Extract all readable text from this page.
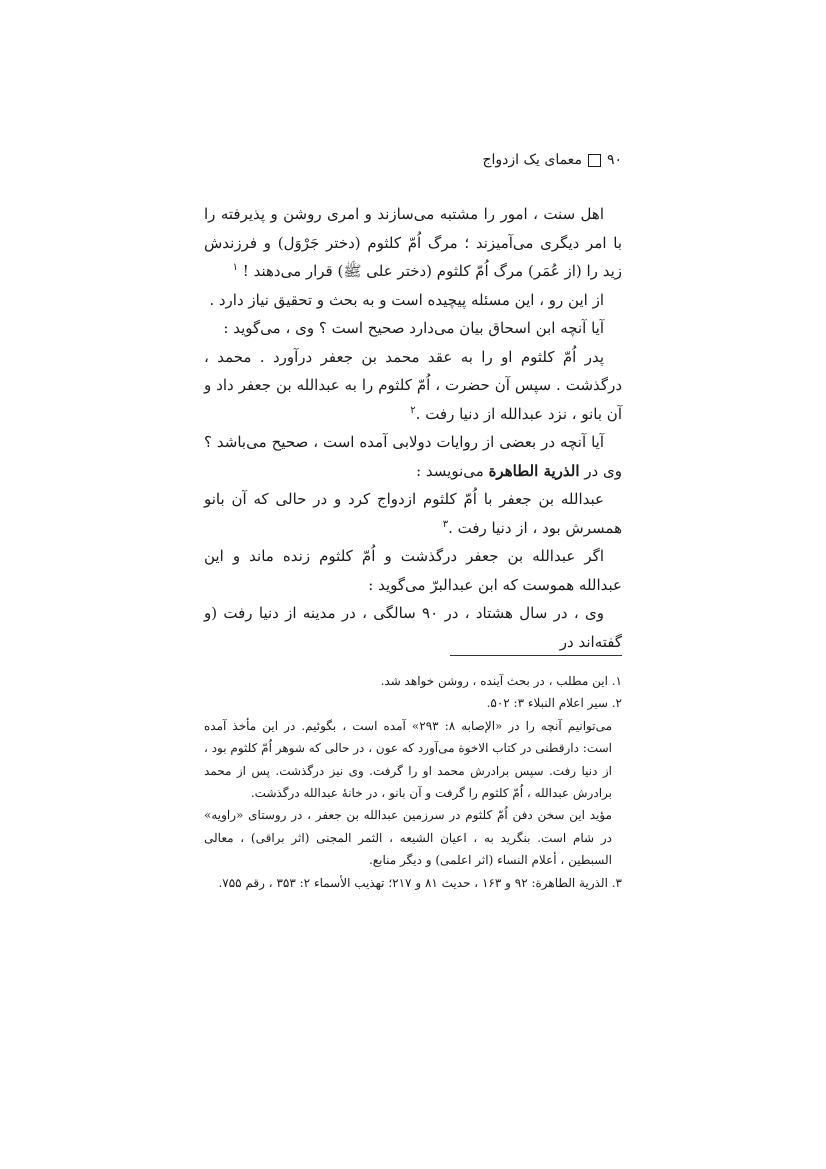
۹۰
معمای یک ازدواج

اهل سنت ، امور را مشتبه می‌سازند و امری روشن و پذیرفته را با امر دیگری می‌آمیزند ؛ مرگ اُمّ کلثوم (دختر جَرْوَل) و فرزندش زید را (از عُمَر) مرگ اُمّ کلثوم (دختر علی ﷺ) قرار می‌دهند ! $^۱$

از این رو ، این مسئله پیچیده است و به بحث و تحقیق نیاز دارد .

آیا آنچه ابن اسحاق بیان می‌دارد صحیح است ؟ وی ، می‌گوید :

پدر اُمّ کلثوم او را به عقد محمد بن جعفر درآورد . محمد ، درگذشت . سپس آن حضرت ، اُمّ کلثوم را به عبدالله بن جعفر داد و آن بانو ، نزد عبدالله از دنیا رفت .$^۲$

آیا آنچه در بعضی از روایات دولابی آمده است ، صحیح می‌باشد ؟ وی در الذریة الطاهرة می‌نویسد :

عبدالله بن جعفر با اُمّ کلثوم ازدواج کرد و در حالی که آن بانو همسرش بود ، از دنیا رفت .$^۳$

اگر عبدالله بن جعفر درگذشت و اُمّ کلثوم زنده ماند و این عبدالله هموست که ابن عبدالبرّ می‌گوید :

وی ، در سال هشتاد ، در ۹۰ سالگی ، در مدینه از دنیا رفت (و گفته‌اند در

۱. این مطلب ، در بحث آینده ، روشن خواهد شد.

۲. سیر اعلام النبلاء ۳: ۵۰۲.

می‌توانیم آنچه را در «الإصابه ۸: ۲۹۳» آمده است ، بگوئیم. در این مأخذ آمده است: دارقطنی در کتاب الاخوة می‌آورد که عون ، در حالی که شوهر اُمّ کلثوم بود ، از دنیا رفت. سپس برادرش محمد او را گرفت. وی نیز درگذشت. پس از محمد برادرش عبدالله ، اُمّ کلثوم را گرفت و آن بانو ، در خانهٔ عبدالله درگذشت.

مؤید این سخن دفن اُمّ کلثوم در سرزمین عبدالله بن جعفر ، در روستای «راویه» در شام است. بنگرید به ، اعیان الشیعه ، الثمر المجنی (اثر براقی) ، معالی السبطین ، أعلام النساء (اثر اعلمی) و دیگر منابع.

۳. الذریة الطاهرة: ۹۲ و ۱۶۳ ، حدیث ۸۱ و ۲۱۷؛ تهذیب الأسماء ۲: ۳۵۳ ، رقم ۷۵۵.
